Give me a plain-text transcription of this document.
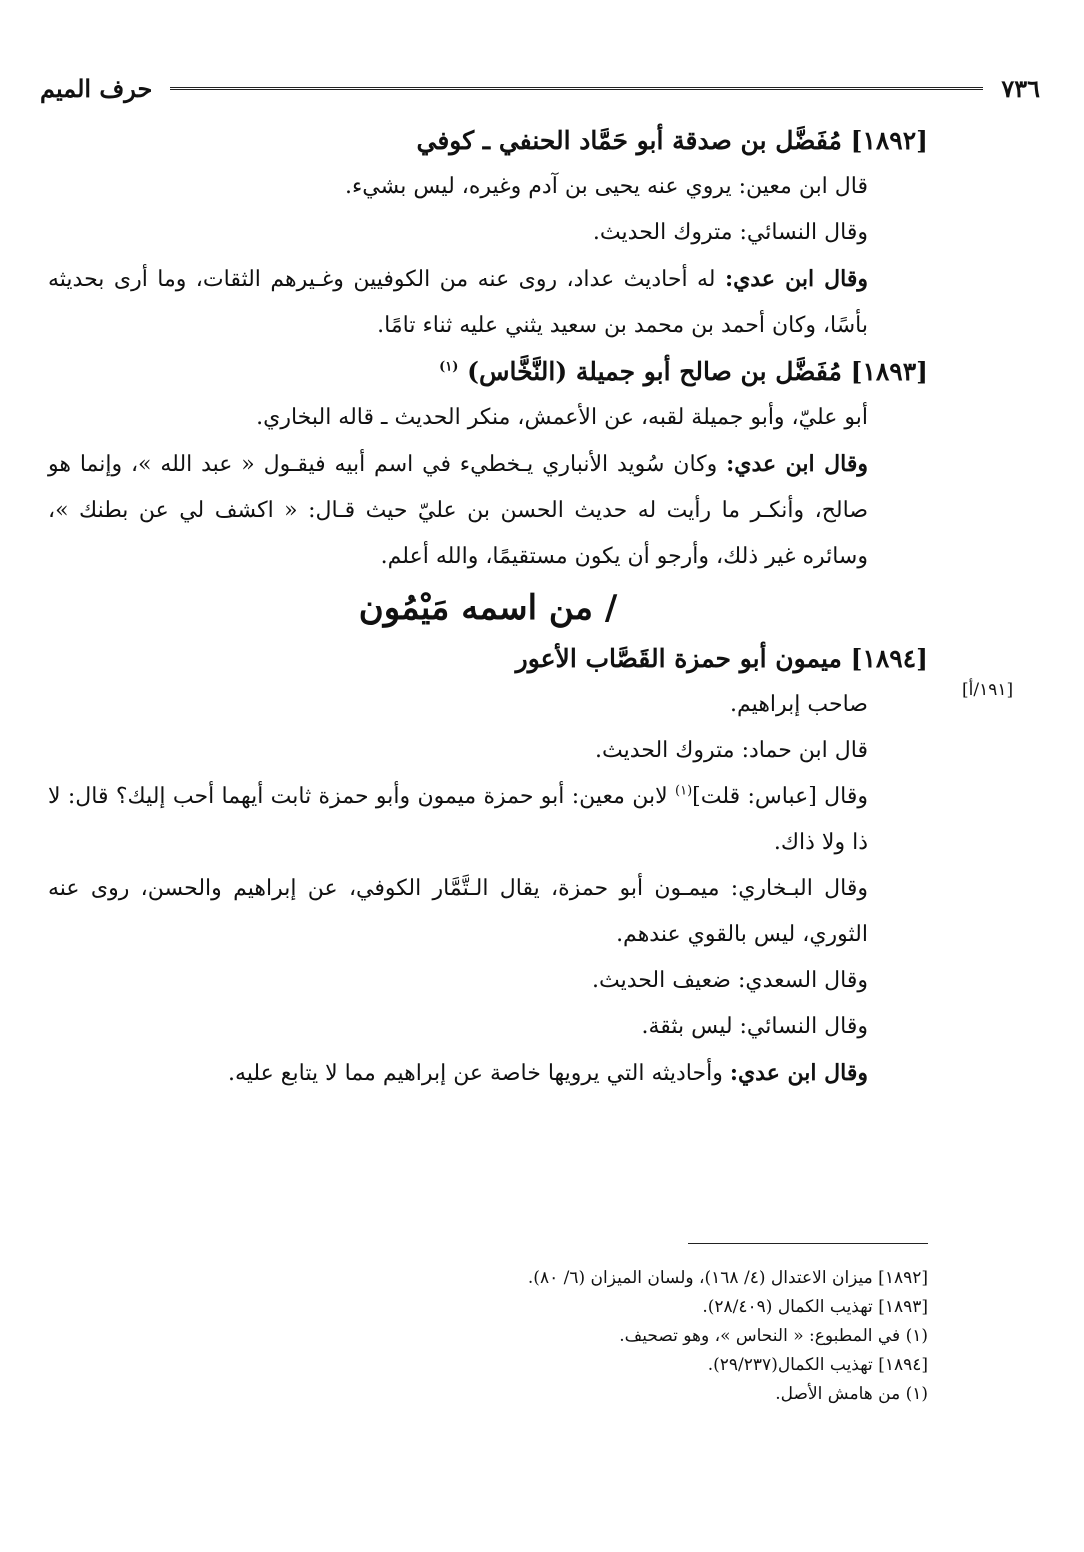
حرف الميم	٧٣٦

[١٨٩٢] مُفَضَّل بن صدقة أبو حَمَّاد الحنفي ـ كوفي

قال ابن معين: يروي عنه يحيى بن آدم وغيره، ليس بشيء.

وقال النسائي: متروك الحديث.

وقال ابن عدي: له أحاديث عداد، روى عنه من الكوفيين وغـيرهم الثقات، وما أرى بحديثه بأسًا، وكان أحمد بن محمد بن سعيد يثني عليه ثناء تامًا.

[١٨٩٣] مُفَضَّل بن صالح أبو جميلة (النَّخَّاس) $^{(١)}$

أبو عليّ، وأبو جميلة لقبه، عن الأعمش، منكر الحديث ـ قاله البخاري.

وقال ابن عدي: وكان سُويد الأنباري يـخطيء في اسم أبيه فيقـول « عبد الله »، وإنما هو صالح، وأنكـر ما رأيت له حديث الحسن بن عليّ حيث قـال: « اكشف لي عن بطنك »، وسائره غير ذلك، وأرجو أن يكون مستقيمًا، والله أعلم.

/ من اسمه مَيْمُون

[١٨٩٤] ميمون أبو حمزة القَصَّاب الأعور

صاحب إبراهيم.

قال ابن حماد: متروك الحديث.

وقال [عباس: قلت]$^{(١)}$ لابن معين: أبو حمزة ميمون وأبو حمزة ثابت أيهما أحب إليك؟ قال: لا ذا ولا ذاك.

وقال البـخاري: ميمـون أبو حمزة، يقال الـتَّمَّار الكوفي، عن إبراهيم والحسن، روى عنه الثوري، ليس بالقوي عندهم.

وقال السعدي: ضعيف الحديث.

وقال النسائي: ليس بثقة.

وقال ابن عدي: وأحاديثه التي يرويها خاصة عن إبراهيم مما لا يتابع عليه.

[١٩١/أ]

[١٨٩٢] ميزان الاعتدال (٤/ ١٦٨)، ولسان الميزان (٦/ ٨٠).

[١٨٩٣] تهذيب الكمال (٢٨/٤٠٩).

(١) في المطبوع: « النحاس »، وهو تصحيف.

[١٨٩٤] تهذيب الكمال(٢٩/٢٣٧).

(١) من هامش الأصل.
